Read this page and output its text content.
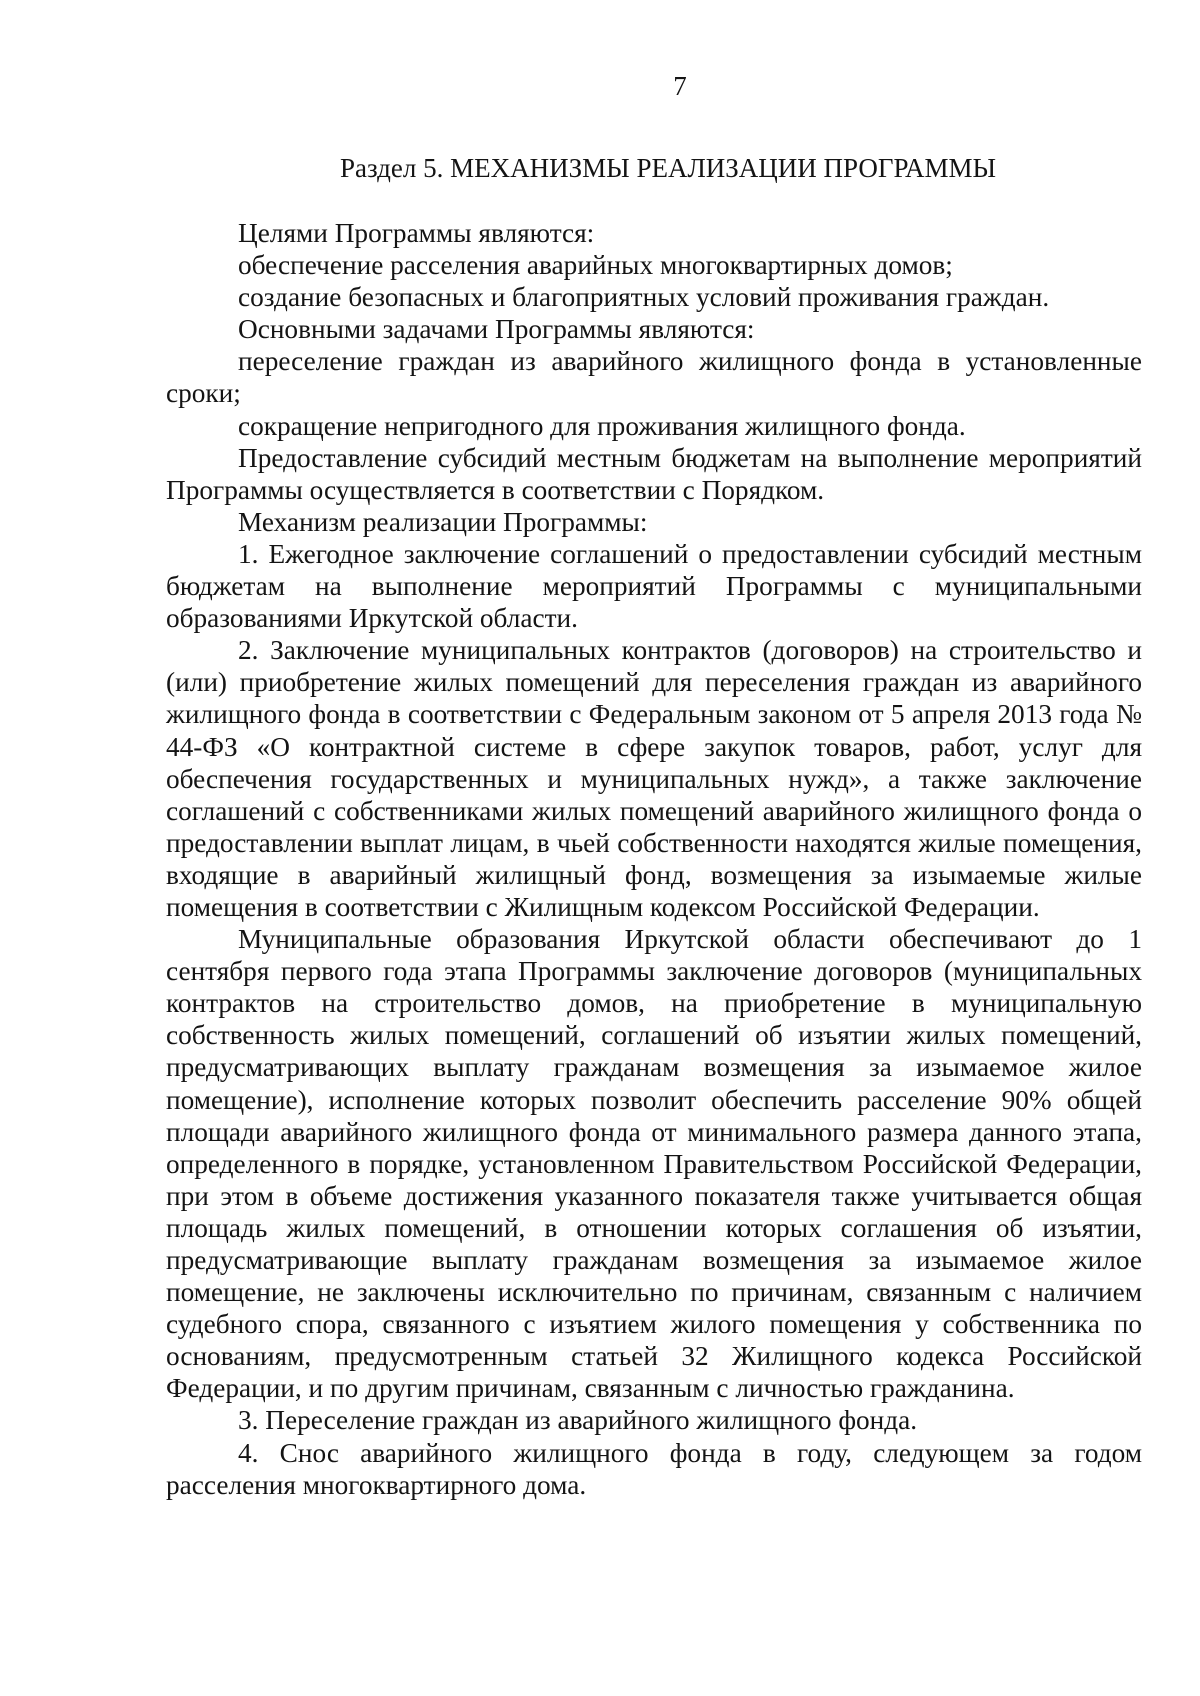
7
Раздел 5. МЕХАНИЗМЫ РЕАЛИЗАЦИИ ПРОГРАММЫ

Целями Программы являются:

обеспечение расселения аварийных многоквартирных домов;

создание безопасных и благоприятных условий проживания граждан.

Основными задачами Программы являются:

переселение граждан из аварийного жилищного фонда в установленные сроки;

сокращение непригодного для проживания жилищного фонда.

Предоставление субсидий местным бюджетам на выполнение мероприятий Программы осуществляется в соответствии с Порядком.

Механизм реализации Программы:

1. Ежегодное заключение соглашений о предоставлении субсидий местным бюджетам на выполнение мероприятий Программы с муниципальными образованиями Иркутской области.

2. Заключение муниципальных контрактов (договоров) на строительство и (или) приобретение жилых помещений для переселения граждан из аварийного жилищного фонда в соответствии с Федеральным законом от 5 апреля 2013 года № 44-ФЗ «О контрактной системе в сфере закупок товаров, работ, услуг для обеспечения государственных и муниципальных нужд», а также заключение соглашений с собственниками жилых помещений аварийного жилищного фонда о предоставлении выплат лицам, в чьей собственности находятся жилые помещения, входящие в аварийный жилищный фонд, возмещения за изымаемые жилые помещения в соответствии с Жилищным кодексом Российской Федерации.

Муниципальные образования Иркутской области обеспечивают до 1 сентября первого года этапа Программы заключение договоров (муниципальных контрактов на строительство домов, на приобретение в муниципальную собственность жилых помещений, соглашений об изъятии жилых помещений, предусматривающих выплату гражданам возмещения за изымаемое жилое помещение), исполнение которых позволит обеспечить расселение 90% общей площади аварийного жилищного фонда от минимального размера данного этапа, определенного в порядке, установленном Правительством Российской Федерации, при этом в объеме достижения указанного показателя также учитывается общая площадь жилых помещений, в отношении которых соглашения об изъятии, предусматривающие выплату гражданам возмещения за изымаемое жилое помещение, не заключены исключительно по причинам, связанным с наличием судебного спора, связанного с изъятием жилого помещения у собственника по основаниям, предусмотренным статьей 32 Жилищного кодекса Российской Федерации, и по другим причинам, связанным с личностью гражданина.

3. Переселение граждан из аварийного жилищного фонда.

4. Снос аварийного жилищного фонда в году, следующем за годом расселения многоквартирного дома.
